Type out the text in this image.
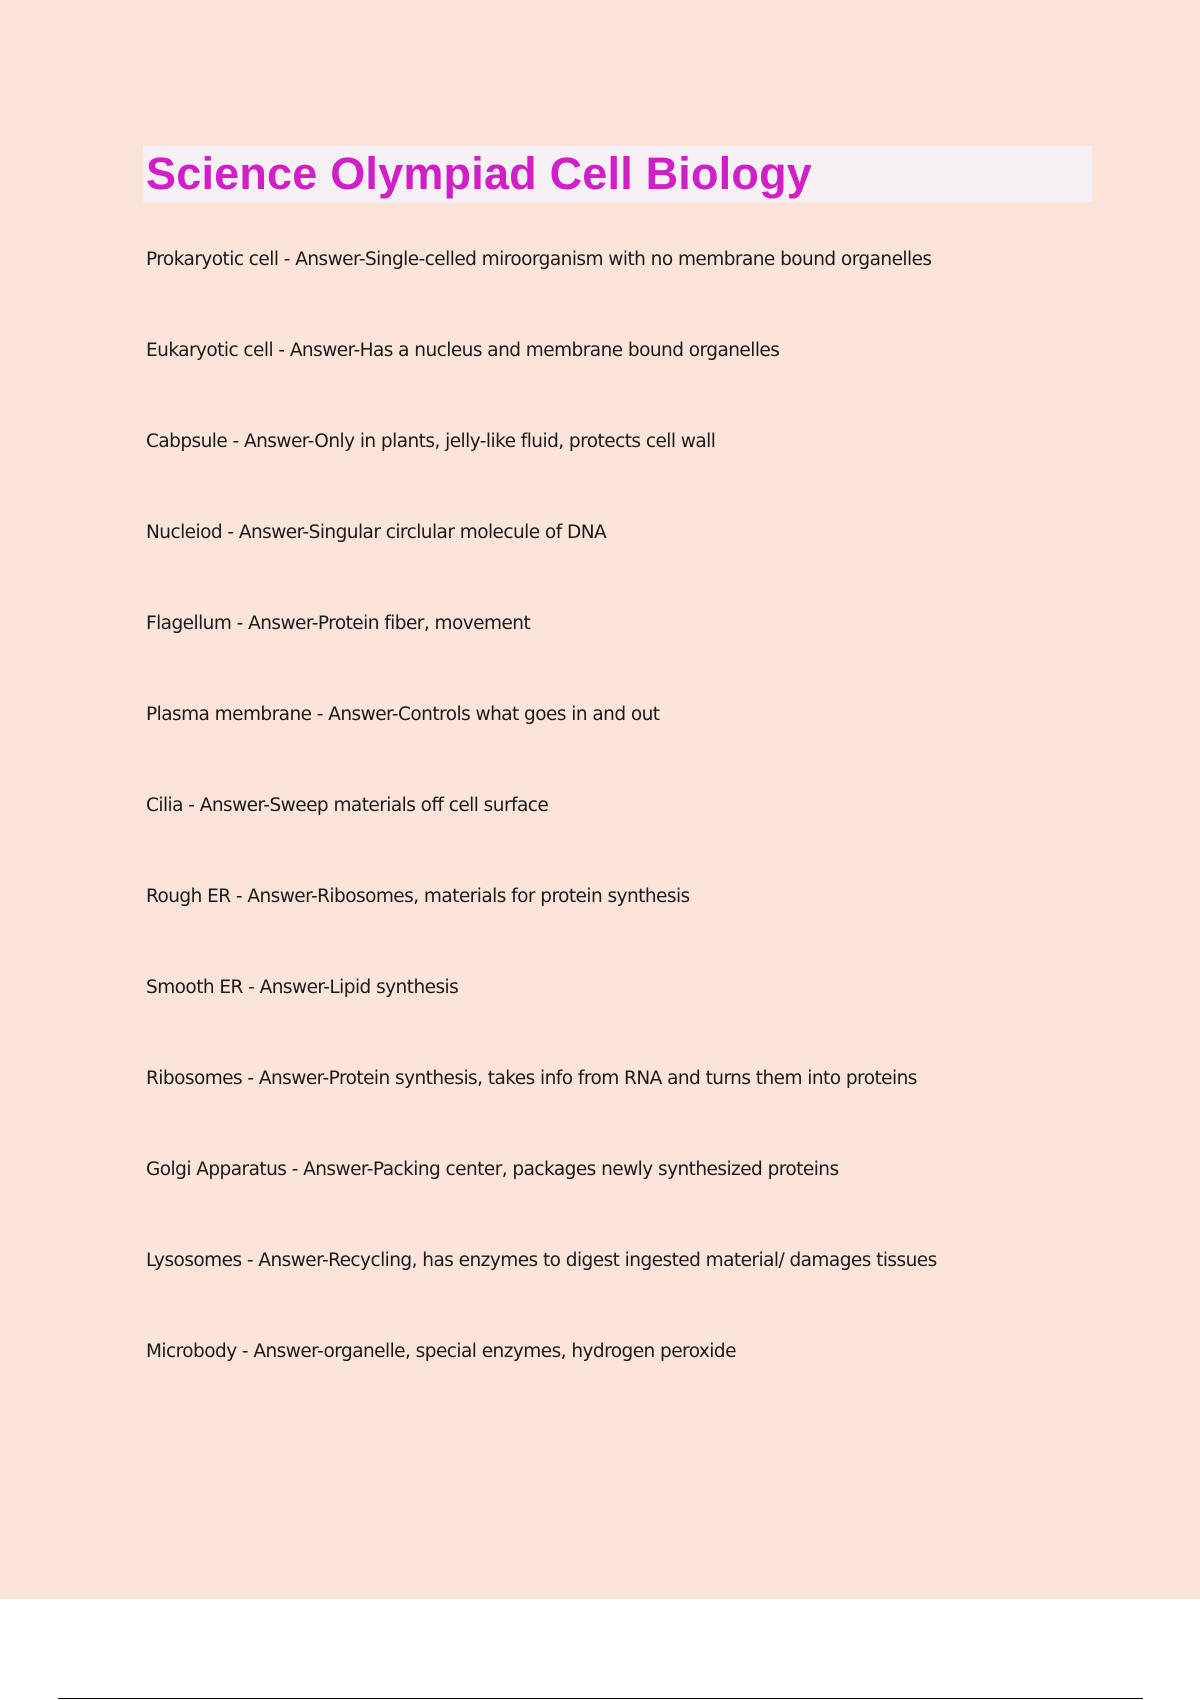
Science Olympiad Cell Biology

Prokaryotic cell - Answer-Single-celled miroorganism with no membrane bound organelles

Eukaryotic cell - Answer-Has a nucleus and membrane bound organelles

Cabpsule - Answer-Only in plants, jelly-like fluid, protects cell wall

Nucleiod - Answer-Singular circlular molecule of DNA

Flagellum - Answer-Protein fiber, movement

Plasma membrane - Answer-Controls what goes in and out

Cilia - Answer-Sweep materials off cell surface

Rough ER - Answer-Ribosomes, materials for protein synthesis

Smooth ER - Answer-Lipid synthesis

Ribosomes - Answer-Protein synthesis, takes info from RNA and turns them into proteins

Golgi Apparatus - Answer-Packing center, packages newly synthesized proteins

Lysosomes - Answer-Recycling, has enzymes to digest ingested material/ damages tissues

Microbody - Answer-organelle, special enzymes, hydrogen peroxide
